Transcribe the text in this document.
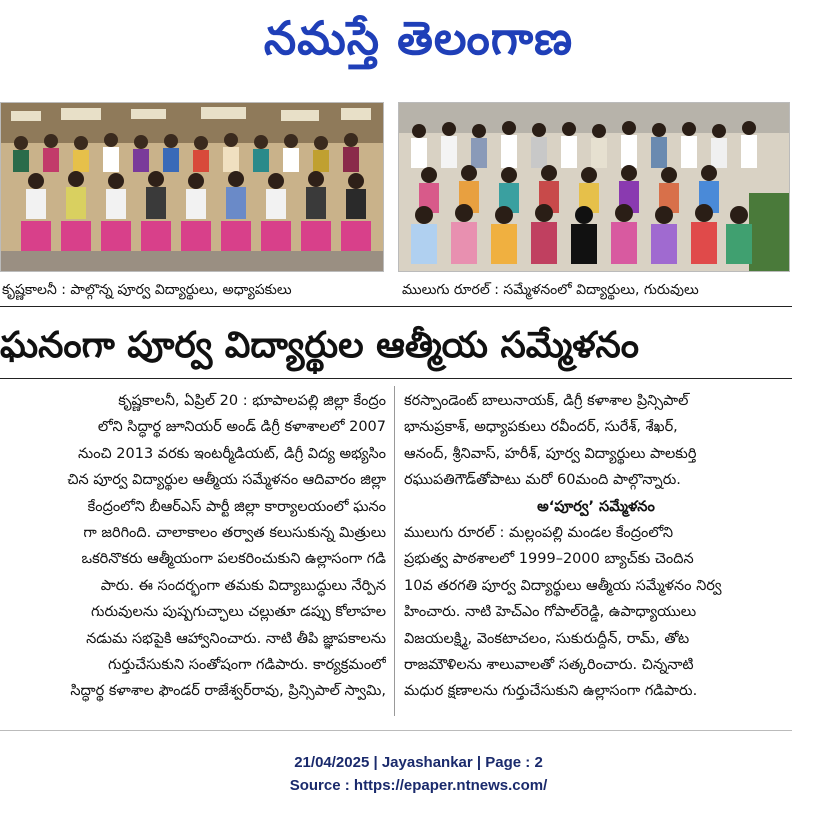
నమస్తే తెలంగాణ
కృష్ణకాలనీ : పాల్గొన్న పూర్వ విద్యార్థులు, అధ్యాపకులు	ములుగు రూరల్ : సమ్మేళనంలో విద్యార్థులు, గురువులు
ఘనంగా పూర్వ విద్యార్థుల ఆత్మీయ సమ్మేళనం

కృష్ణకాలనీ, ఏప్రిల్ 20 : భూపాలపల్లి జిల్లా కేంద్రం

లోని సిద్ధార్థ జూనియర్ అండ్ డిగ్రీ కళాశాలలో 2007

నుంచి 2013 వరకు ఇంటర్మీడియట్, డిగ్రీ విద్య అభ్యసిం

చిన పూర్వ విద్యార్థుల ఆత్మీయ సమ్మేళనం ఆదివారం జిల్లా

కేంద్రంలోని బీఆర్ఎస్ పార్టీ జిల్లా కార్యాలయంలో ఘనం

గా జరిగింది. చాలాకాలం తర్వాత కలుసుకున్న మిత్రులు

ఒకరినొకరు ఆత్మీయంగా పలకరించుకుని ఉల్లాసంగా గడి

పారు. ఈ సందర్భంగా తమకు విద్యాబుద్ధులు నేర్పిన

గురువులను పుష్పగుచ్ఛాలు చల్లుతూ డప్పు కోలాహల

నడుమ సభపైకి ఆహ్వానించారు. నాటి తీపి జ్ఞాపకాలను

గుర్తుచేసుకుని సంతోషంగా గడిపారు. కార్యక్రమంలో

సిద్ధార్థ కళాశాల ఫౌండర్ రాజేశ్వర్‌రావు, ప్రిన్సిపాల్ స్వామి,

కరస్పాండెంట్ బాలునాయక్, డిగ్రీ కళాశాల ప్రిన్సిపాల్

భానుప్రకాశ్, అధ్యాపకులు రవీందర్, సురేశ్, శేఖర్,

ఆనంద్, శ్రీనివాస్, హరీశ్, పూర్వ విద్యార్థులు పాలకుర్తి

రఘుపతిగౌడ్‌తోపాటు మరో 60మంది పాల్గొన్నారు.

అ‘పూర్వ’ సమ్మేళనం

ములుగు రూరల్ : మల్లంపల్లి మండల కేంద్రంలోని

ప్రభుత్వ పాఠశాలలో 1999–2000 బ్యాచ్‌కు చెందిన

10వ తరగతి పూర్వ విద్యార్థులు ఆత్మీయ సమ్మేళనం నిర్వ

హించారు. నాటి హెచ్ఎం గోపాల్‌రెడ్డి, ఉపాధ్యాయులు

విజయలక్ష్మి, వెంకటాచలం, సుకురుద్దీన్, రామ్, తోట

రాజమౌళిలను శాలువాలతో సత్కరించారు. చిన్ననాటి

మధుర క్షణాలను గుర్తుచేసుకుని ఉల్లాసంగా గడిపారు.

21/04/2025 | Jayashankar | Page : 2
Source : https://epaper.ntnews.com/
